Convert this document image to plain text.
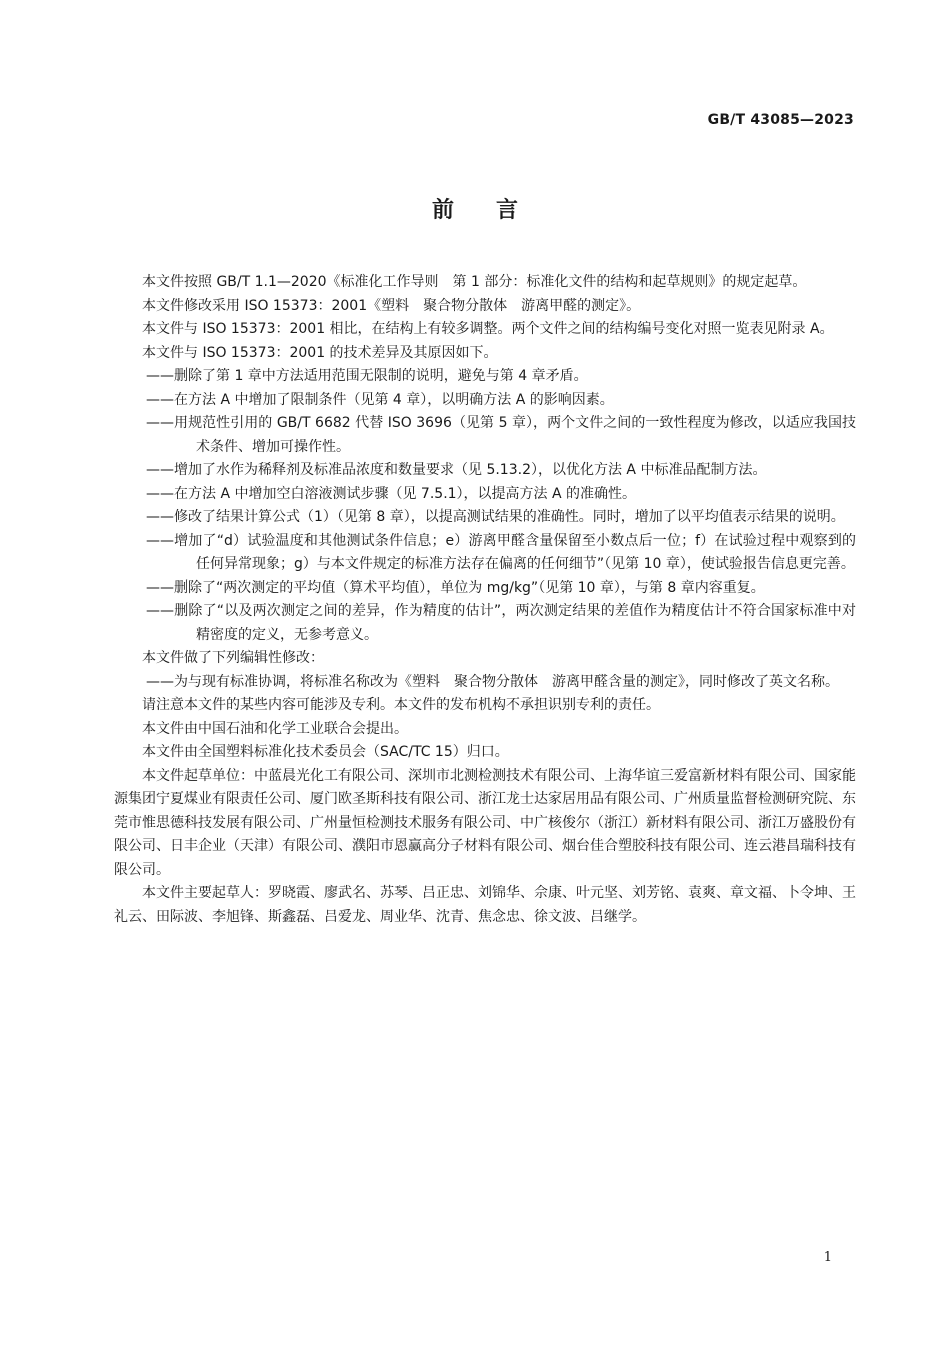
GB/T 43085—2023
前言

本文件按照 GB/T 1.1—2020《标准化工作导则　第 1 部分：标准化文件的结构和起草规则》的规定起草。

本文件修改采用 ISO 15373：2001《塑料　聚合物分散体　游离甲醛的测定》。

本文件与 ISO 15373：2001 相比，在结构上有较多调整。两个文件之间的结构编号变化对照一览表见附录 A。

本文件与 ISO 15373：2001 的技术差异及其原因如下。

——删除了第 1 章中方法适用范围无限制的说明，避免与第 4 章矛盾。

——在方法 A 中增加了限制条件（见第 4 章），以明确方法 A 的影响因素。

——用规范性引用的 GB/T 6682 代替 ISO 3696（见第 5 章），两个文件之间的一致性程度为修改，以适应我国技术条件、增加可操作性。

——增加了水作为稀释剂及标准品浓度和数量要求（见 5.13.2），以优化方法 A 中标准品配制方法。

——在方法 A 中增加空白溶液测试步骤（见 7.5.1），以提高方法 A 的准确性。

——修改了结果计算公式（1）（见第 8 章），以提高测试结果的准确性。同时，增加了以平均值表示结果的说明。

——增加了“d）试验温度和其他测试条件信息；e）游离甲醛含量保留至小数点后一位；f）在试验过程中观察到的任何异常现象；g）与本文件规定的标准方法存在偏离的任何细节”（见第 10 章），使试验报告信息更完善。

——删除了“两次测定的平均值（算术平均值），单位为 mg/kg”（见第 10 章），与第 8 章内容重复。

——删除了“以及两次测定之间的差异，作为精度的估计”，两次测定结果的差值作为精度估计不符合国家标准中对精密度的定义，无参考意义。

本文件做了下列编辑性修改：

——为与现有标准协调，将标准名称改为《塑料　聚合物分散体　游离甲醛含量的测定》，同时修改了英文名称。

请注意本文件的某些内容可能涉及专利。本文件的发布机构不承担识别专利的责任。

本文件由中国石油和化学工业联合会提出。

本文件由全国塑料标准化技术委员会（SAC/TC 15）归口。

本文件起草单位：中蓝晨光化工有限公司、深圳市北测检测技术有限公司、上海华谊三爱富新材料有限公司、国家能源集团宁夏煤业有限责任公司、厦门欧圣斯科技有限公司、浙江龙士达家居用品有限公司、广州质量监督检测研究院、东莞市惟思德科技发展有限公司、广州量恒检测技术服务有限公司、中广核俊尔（浙江）新材料有限公司、浙江万盛股份有限公司、日丰企业（天津）有限公司、濮阳市恩赢高分子材料有限公司、烟台佳合塑胶科技有限公司、连云港昌瑞科技有限公司。

本文件主要起草人：罗晓霞、廖武名、苏琴、吕正忠、刘锦华、佘康、叶元坚、刘芳铭、袁爽、章文福、卜令坤、王礼云、田际波、李旭锋、斯鑫磊、吕爱龙、周业华、沈青、焦念忠、徐文波、吕继学。

1
